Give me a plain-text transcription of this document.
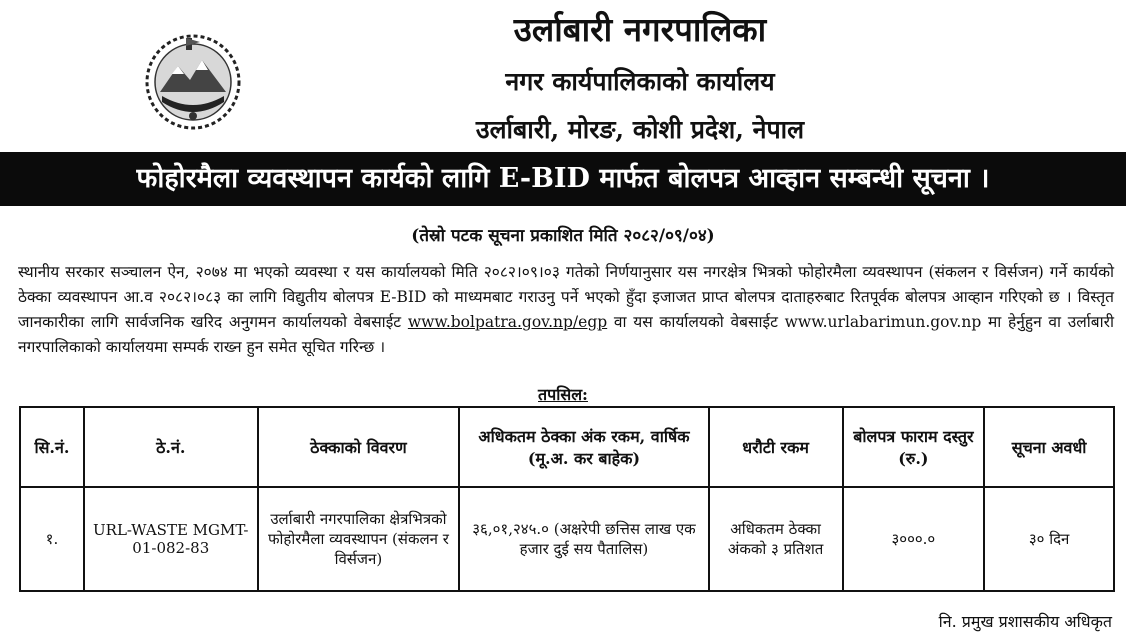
उर्लाबारी नगरपालिका
नगर कार्यपालिकाको कार्यालय
उर्लाबारी, मोरङ, कोशी प्रदेश, नेपाल
फोहोरमैला व्यवस्थापन कार्यको लागि E-BID मार्फत बोलपत्र आव्हान सम्बन्धी सूचना ।
(तेस्रो पटक सूचना प्रकाशित मिति २०८२/०९/०४)
स्थानीय सरकार सञ्चालन ऐन, २०७४ मा भएको व्यवस्था र यस कार्यालयको मिति २०८२।०९।०३ गतेको निर्णयानुसार यस नगरक्षेत्र भित्रको फोहोरमैला व्यवस्थापन (संकलन र विर्सजन) गर्ने कार्यको ठेक्का व्यवस्थापन आ.व २०८२।०८३ का लागि विद्युतीय बोलपत्र E-BID को माध्यमबाट गराउनु पर्ने भएको हुँदा इजाजत प्राप्त बोलपत्र दाताहरुबाट रितपूर्वक बोलपत्र आव्हान गरिएको छ । विस्तृत जानकारीका लागि सार्वजनिक खरिद अनुगमन कार्यालयको वेबसाईट www.bolpatra.gov.np/egp वा यस कार्यालयको वेबसाईट www.urlabarimun.gov.np मा हेर्नुहुन वा उर्लाबारी नगरपालिकाको कार्यालयमा सम्पर्क राख्न हुन समेत सूचित गरिन्छ ।
तपसिल:
सि.नं.	ठे.नं.	ठेक्काको विवरण	अधिकतम ठेक्का अंक रकम, वार्षिक (मू.अ. कर बाहेक)	धरौटी रकम	बोलपत्र फाराम दस्तुर (रु.)	सूचना अवधी
१.	URL-WASTE MGMT-01-082-83	उर्लाबारी नगरपालिका क्षेत्रभित्रको फोहोरमैला व्यवस्थापन (संकलन र विर्सजन)	३६,०१,२४५.० (अक्षरेपी छत्तिस लाख एक हजार दुई सय पैतालिस)	अधिकतम ठेक्का अंकको ३ प्रतिशत	३०००.०	३० दिन
नि. प्रमुख प्रशासकीय अधिकृत
